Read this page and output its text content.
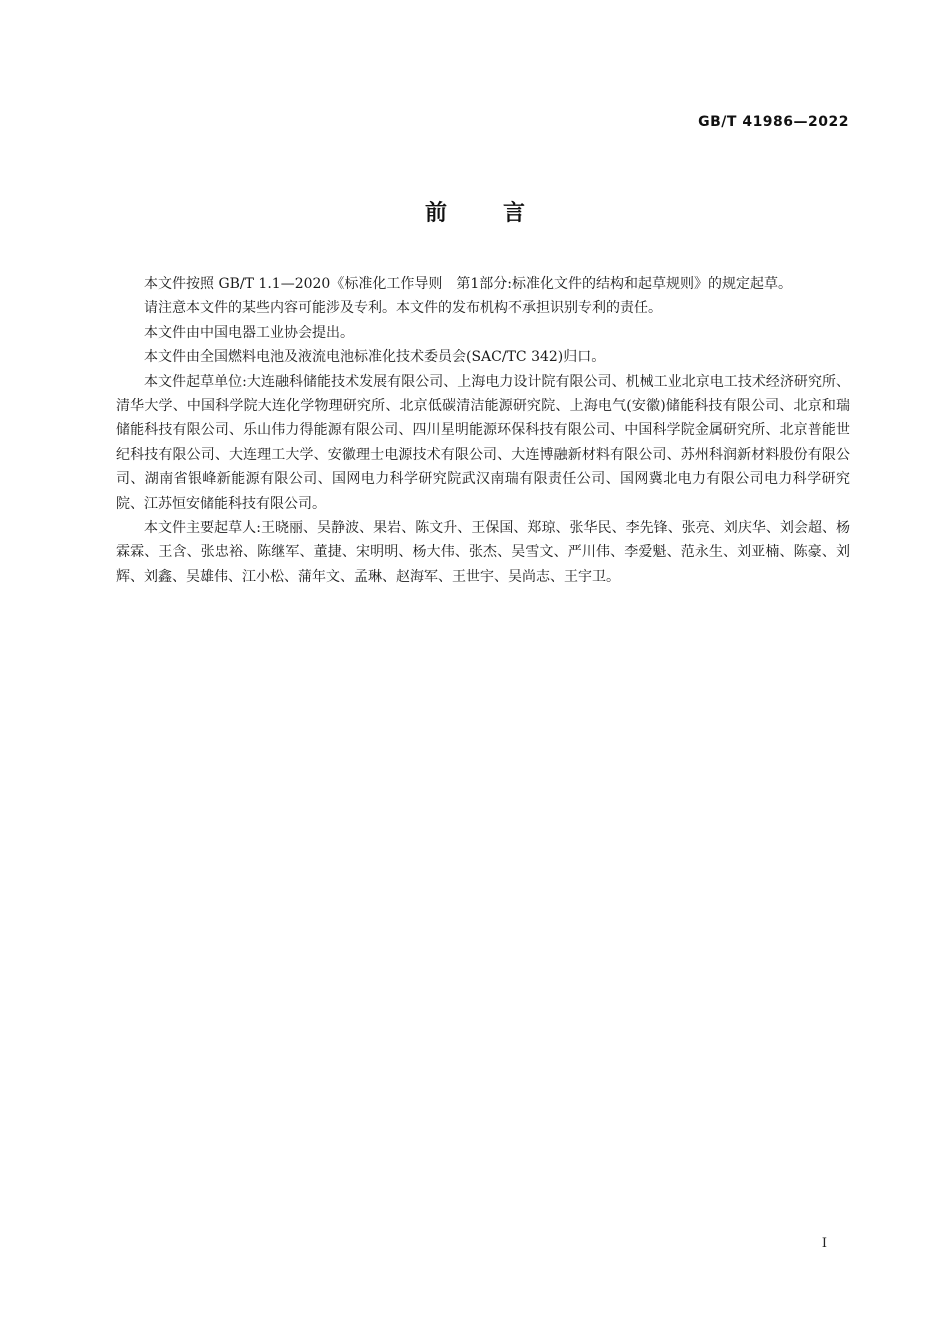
GB/T 41986—2022
前言

本文件按照 GB/T 1.1—2020《标准化工作导则　第1部分:标准化文件的结构和起草规则》的规定起草。

请注意本文件的某些内容可能涉及专利。本文件的发布机构不承担识别专利的责任。

本文件由中国电器工业协会提出。

本文件由全国燃料电池及液流电池标准化技术委员会(SAC/TC 342)归口。

本文件起草单位:大连融科储能技术发展有限公司、上海电力设计院有限公司、机械工业北京电工技术经济研究所、清华大学、中国科学院大连化学物理研究所、北京低碳清洁能源研究院、上海电气(安徽)储能科技有限公司、北京和瑞储能科技有限公司、乐山伟力得能源有限公司、四川星明能源环保科技有限公司、中国科学院金属研究所、北京普能世纪科技有限公司、大连理工大学、安徽理士电源技术有限公司、大连博融新材料有限公司、苏州科润新材料股份有限公司、湖南省银峰新能源有限公司、国网电力科学研究院武汉南瑞有限责任公司、国网冀北电力有限公司电力科学研究院、江苏恒安储能科技有限公司。

本文件主要起草人:王晓丽、吴静波、果岩、陈文升、王保国、郑琼、张华民、李先锋、张亮、刘庆华、刘会超、杨霖霖、王含、张忠裕、陈继军、董捷、宋明明、杨大伟、张杰、吴雪文、严川伟、李爱魁、范永生、刘亚楠、陈豪、刘辉、刘鑫、吴雄伟、江小松、蒲年文、孟琳、赵海军、王世宇、吴尚志、王宇卫。

I
